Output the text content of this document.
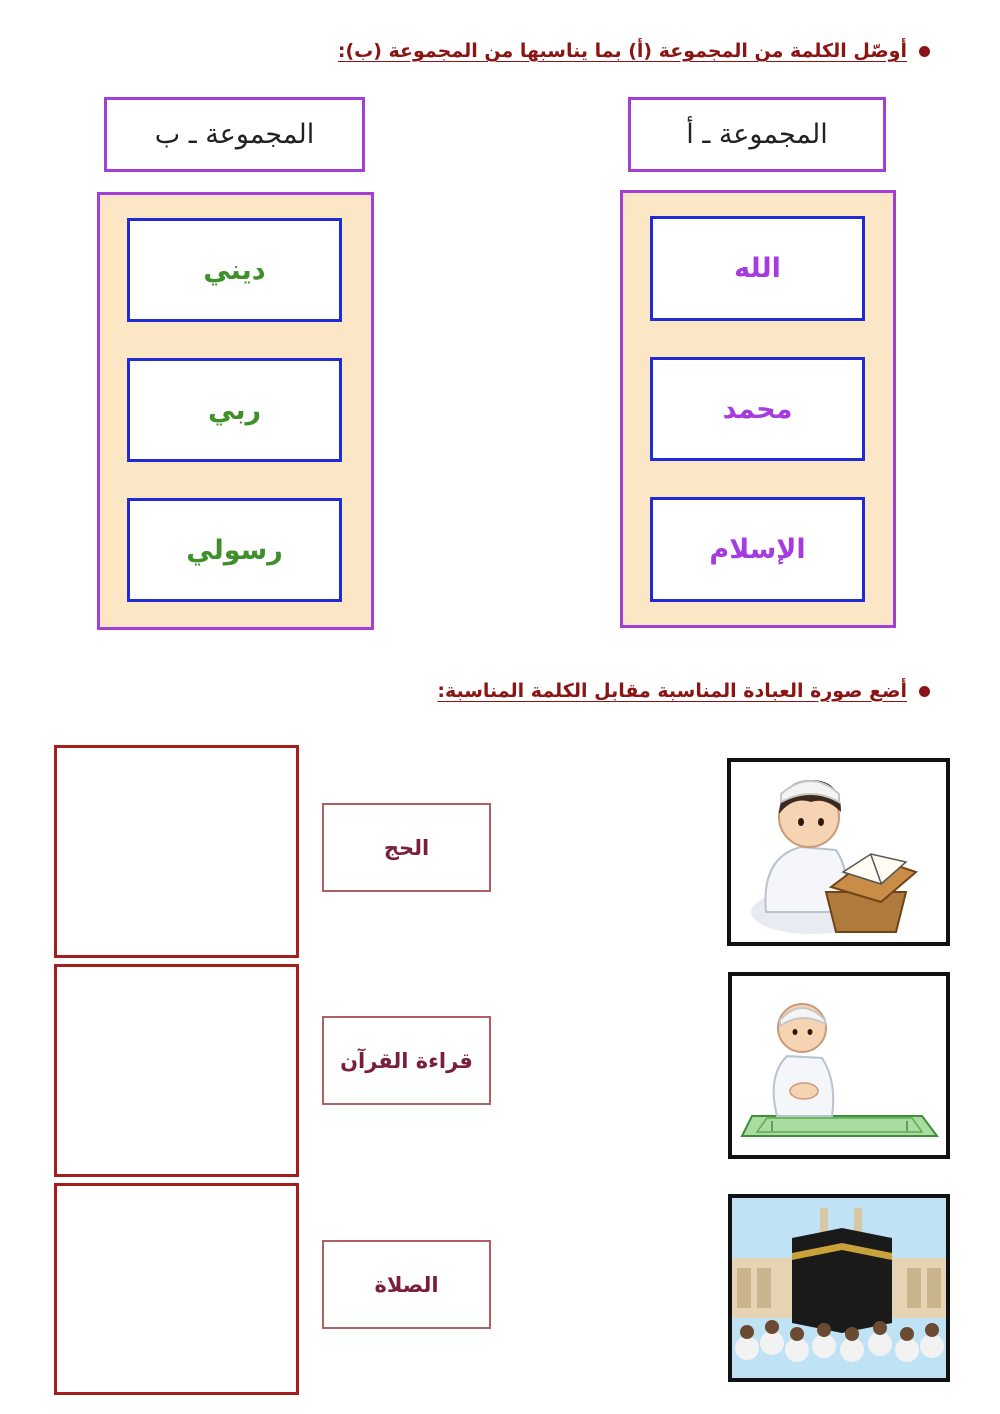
أوصّل الكلمة من المجموعة (أ) بما يناسبها من المجموعة (ب):
المجموعة ـ ب	المجموعة ـ أ
ديني
ربي
رسولي
الله
محمد
الإسلام
أضع صورة العبادة المناسبة مقابل الكلمة المناسبة:
الحج
قراءة القرآن
الصلاة
